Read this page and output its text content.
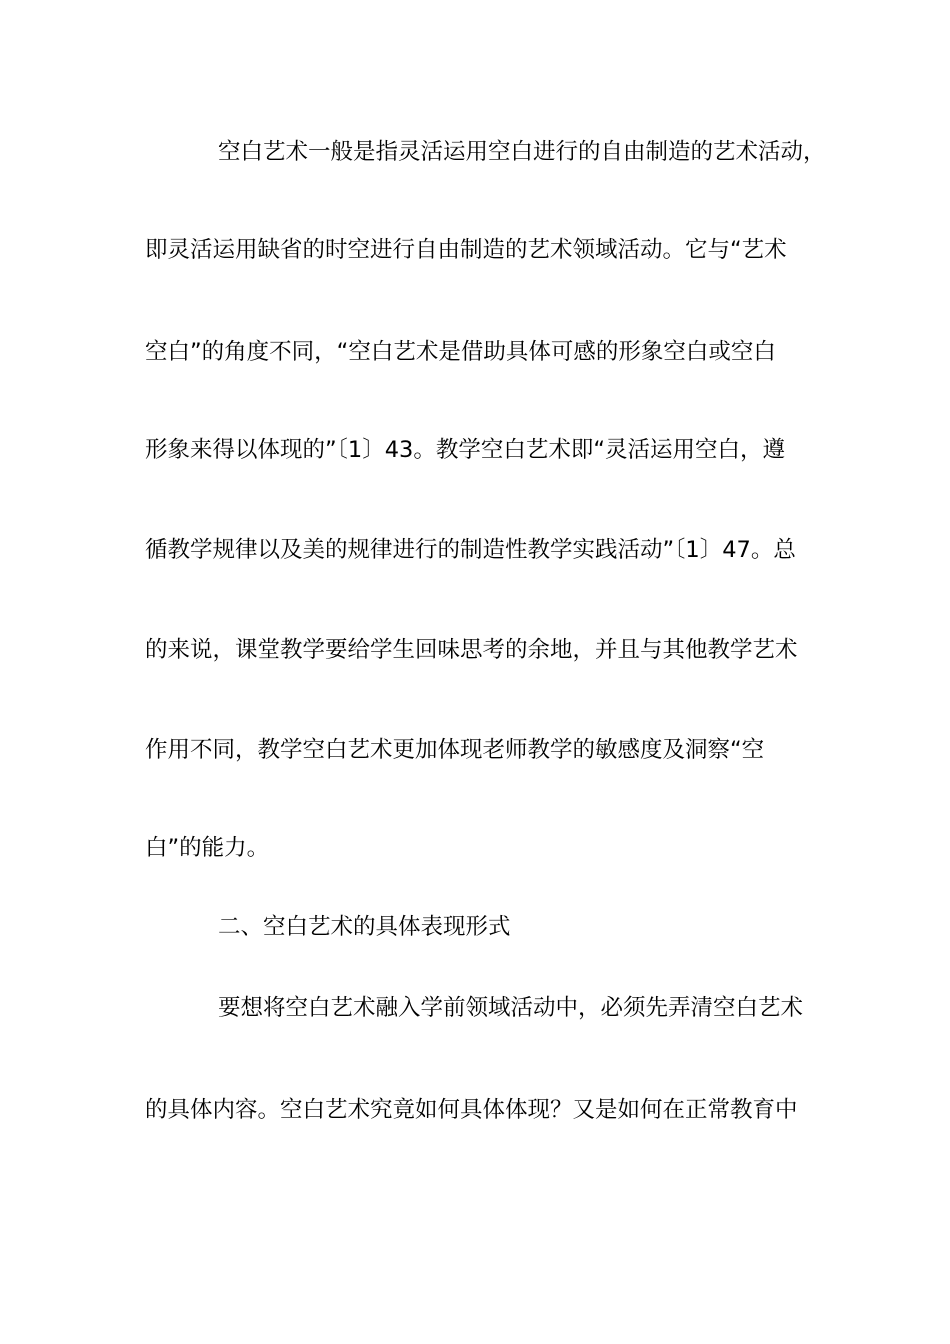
空白艺术一般是指灵活运用空白进行的自由制造的艺术活动，
即灵活运用缺省的时空进行自由制造的艺术领域活动。它与“艺术
空白”的角度不同，“空白艺术是借助具体可感的形象空白或空白
形象来得以体现的”〔1〕43。教学空白艺术即“灵活运用空白，遵
循教学规律以及美的规律进行的制造性教学实践活动”〔1〕47。总
的来说，课堂教学要给学生回味思考的余地，并且与其他教学艺术
作用不同，教学空白艺术更加体现老师教学的敏感度及洞察“空
白”的能力。
二、空白艺术的具体表现形式
要想将空白艺术融入学前领域活动中，必须先弄清空白艺术
的具体内容。空白艺术究竟如何具体体现？又是如何在正常教育中
